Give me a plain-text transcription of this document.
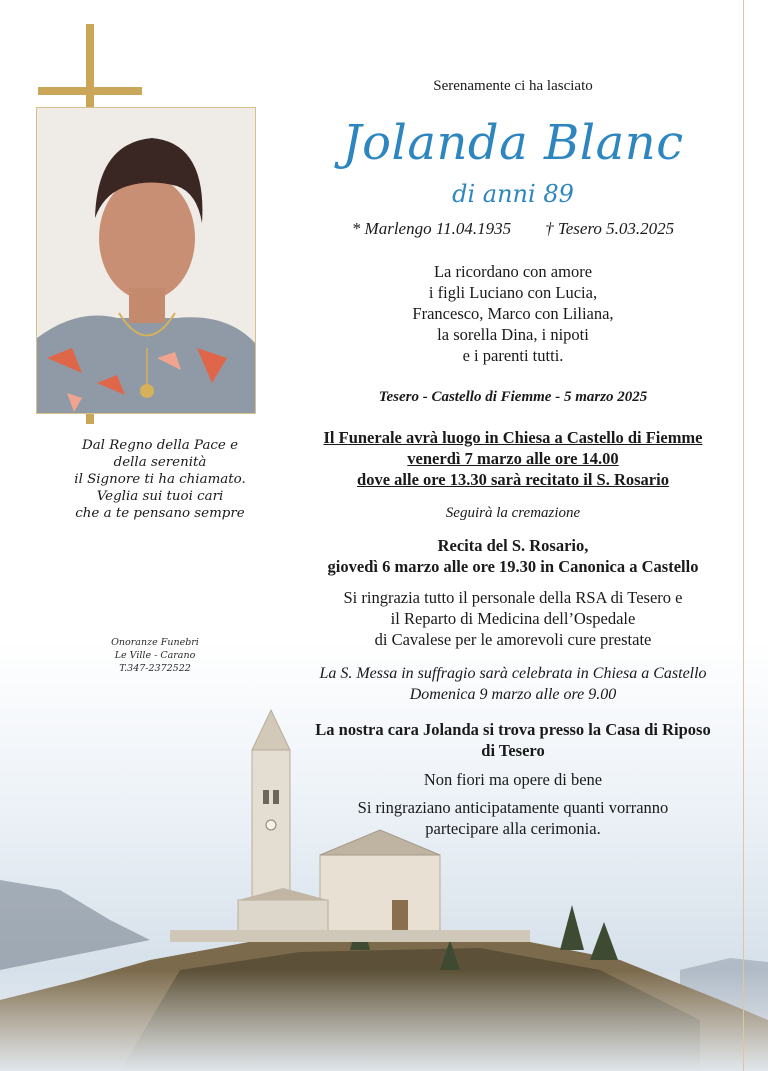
Dal Regno della Pace e
della serenità
il Signore ti ha chiamato.
Veglia sui tuoi cari
che a te pensano sempre
Onoranze Funebri
Le Ville - Carano
T.347-2372522
Serenamente ci ha lasciato
Jolanda Blanc
di anni 89
* Marlengo 11.04.1935 † Tesero 5.03.2025
La ricordano con amore
i figli Luciano con Lucia,
Francesco, Marco con Liliana,
la sorella Dina, i nipoti
e i parenti tutti.
Tesero - Castello di Fiemme - 5 marzo 2025
Il Funerale avrà luogo in Chiesa a Castello di Fiemme
venerdì 7 marzo alle ore 14.00
dove alle ore 13.30 sarà recitato il S. Rosario
Seguirà la cremazione
Recita del S. Rosario,
giovedì 6 marzo alle ore 19.30 in Canonica a Castello
Si ringrazia tutto il personale della RSA di Tesero e
il Reparto di Medicina dell’Ospedale
di Cavalese per le amorevoli cure prestate
La S. Messa in suffragio sarà celebrata in Chiesa a Castello
Domenica 9 marzo alle ore 9.00
La nostra cara Jolanda si trova presso la Casa di Riposo
di Tesero
Non fiori ma opere di bene
Si ringraziano anticipatamente quanti vorranno
partecipare alla cerimonia.
